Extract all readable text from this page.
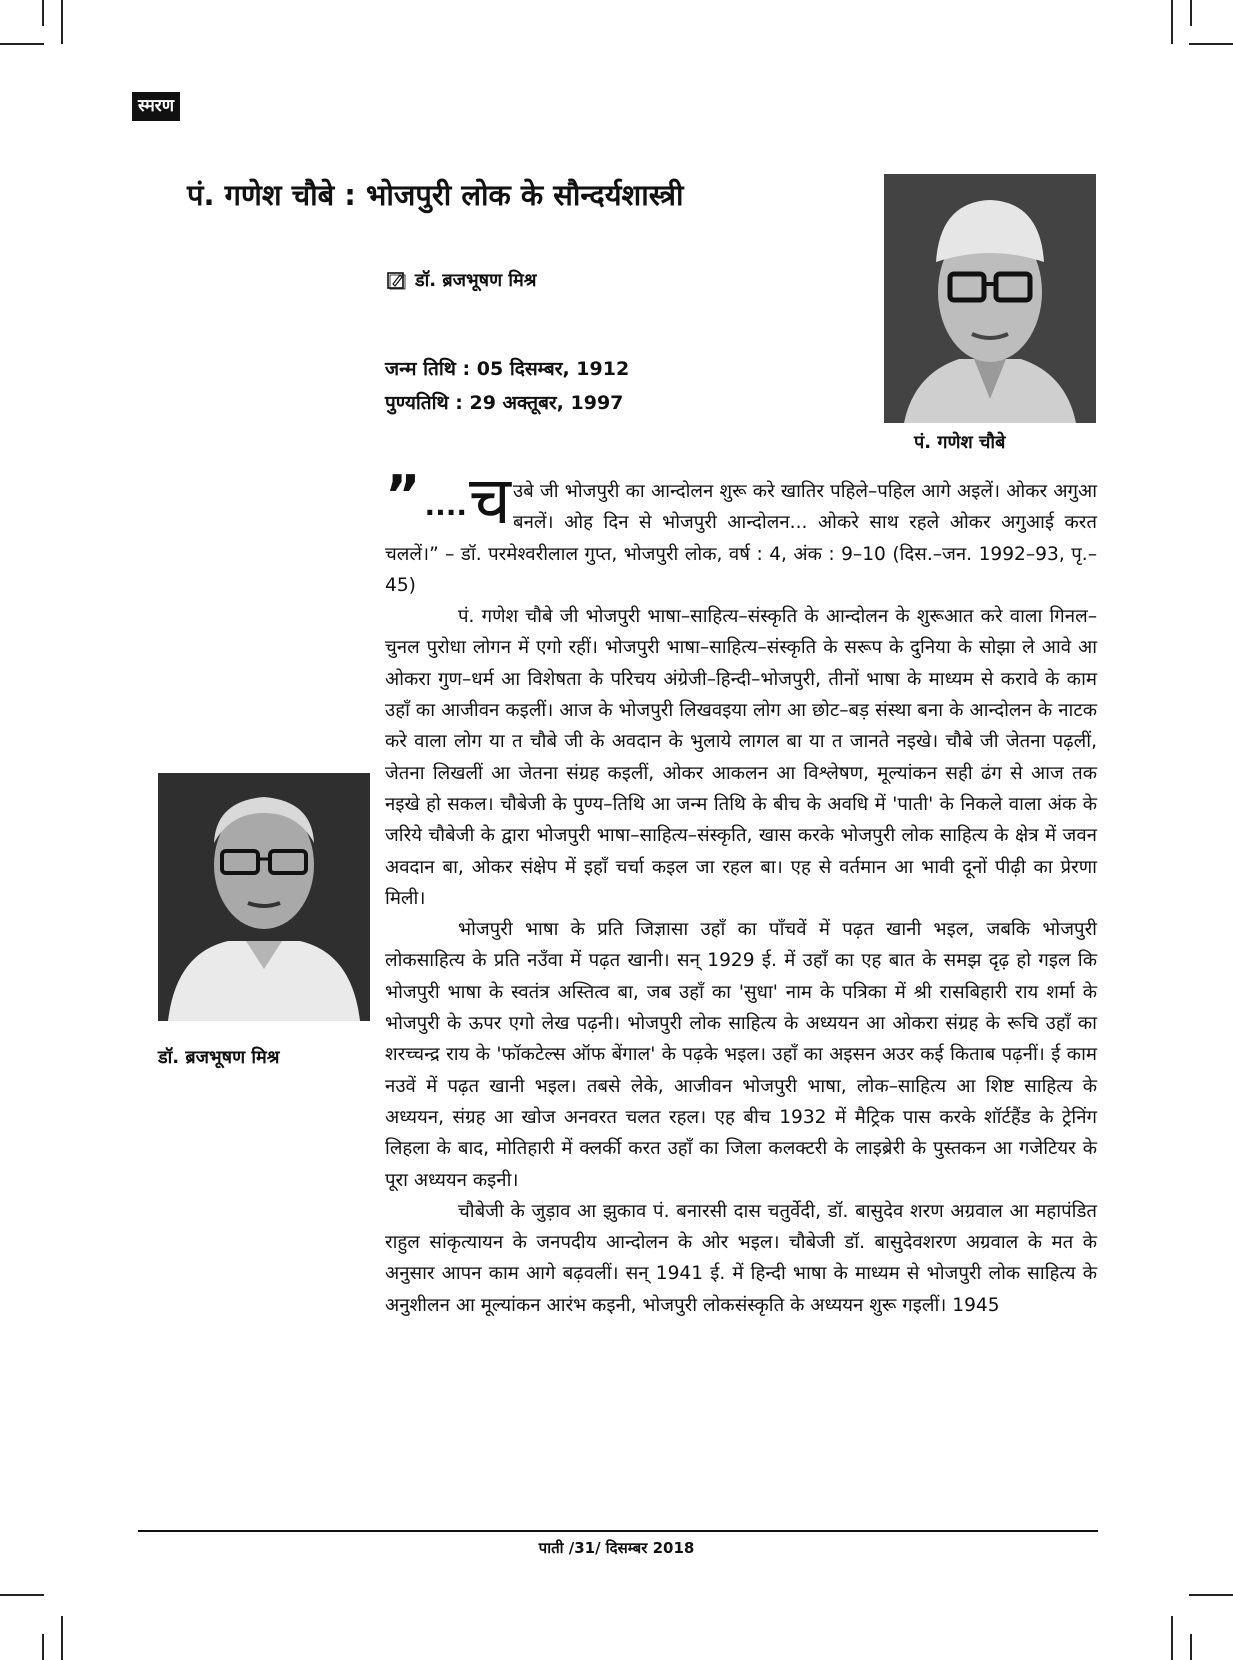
स्मरण
पं. गणेश चौबे : भोजपुरी लोक के सौन्दर्यशास्त्री
डॉ. ब्रजभूषण मिश्र
जन्म तिथि : 05 दिसम्बर, 1912
पुण्यतिथि : 29 अक्तूबर, 1997
पं. गणेश चौबे
डॉ. ब्रजभूषण मिश्र

” .... च उबे जी भोजपुरी का आन्दोलन शुरू करे खातिर पहिले–पहिल आगे अइलें। ओकर अगुआ बनलें। ओह दिन से भोजपुरी आन्दोलन... ओकरे साथ रहले ओकर अगुआई करत चललें।” – डॉ. परमेश्वरीलाल गुप्त, भोजपुरी लोक, वर्ष : 4, अंक : 9–10 (दिस.–जन. 1992–93, पृ.–45)

पं. गणेश चौबे जी भोजपुरी भाषा–साहित्य–संस्कृति के आन्दोलन के शुरूआत करे वाला गिनल–चुनल पुरोधा लोगन में एगो रहीं। भोजपुरी भाषा–साहित्य–संस्कृति के सरूप के दुनिया के सोझा ले आवे आ ओकरा गुण–धर्म आ विशेषता के परिचय अंग्रेजी–हिन्दी–भोजपुरी, तीनों भाषा के माध्यम से करावे के काम उहाँ का आजीवन कइलीं। आज के भोजपुरी लिखवइया लोग आ छोट–बड़ संस्था बना के आन्दोलन के नाटक करे वाला लोग या त चौबे जी के अवदान के भुलाये लागल बा या त जानते नइखे। चौबे जी जेतना पढ़लीं, जेतना लिखलीं आ जेतना संग्रह कइलीं, ओकर आकलन आ विश्लेषण, मूल्यांकन सही ढंग से आज तक नइखे हो सकल। चौबेजी के पुण्य–तिथि आ जन्म तिथि के बीच के अवधि में 'पाती' के निकले वाला अंक के जरिये चौबेजी के द्वारा भोजपुरी भाषा–साहित्य–संस्कृति, खास करके भोजपुरी लोक साहित्य के क्षेत्र में जवन अवदान बा, ओकर संक्षेप में इहाँ चर्चा कइल जा रहल बा। एह से वर्तमान आ भावी दूनों पीढ़ी का प्रेरणा मिली।

भोजपुरी भाषा के प्रति जिज्ञासा उहाँ का पाँचवें में पढ़त खानी भइल, जबकि भोजपुरी लोकसाहित्य के प्रति नउँवा में पढ़त खानी। सन् 1929 ई. में उहाँ का एह बात के समझ दृढ़ हो गइल कि भोजपुरी भाषा के स्वतंत्र अस्तित्व बा, जब उहाँ का 'सुधा' नाम के पत्रिका में श्री रासबिहारी राय शर्मा के भोजपुरी के ऊपर एगो लेख पढ़नी। भोजपुरी लोक साहित्य के अध्ययन आ ओकरा संग्रह के रूचि उहाँ का शरच्चन्द्र राय के 'फॉकटेल्स ऑफ बेंगाल' के पढ़के भइल। उहाँ का अइसन अउर कई किताब पढ़नीं। ई काम नउवें में पढ़त खानी भइल। तबसे लेके, आजीवन भोजपुरी भाषा, लोक–साहित्य आ शिष्ट साहित्य के अध्ययन, संग्रह आ खोज अनवरत चलत रहल। एह बीच 1932 में मैट्रिक पास करके शॉर्टहैंड के ट्रेनिंग लिहला के बाद, मोतिहारी में क्लर्की करत उहाँ का जिला कलक्टरी के लाइब्रेरी के पुस्तकन आ गजेटियर के पूरा अध्ययन कइनी।

चौबेजी के जुड़ाव आ झुकाव पं. बनारसी दास चतुर्वेदी, डॉ. बासुदेव शरण अग्रवाल आ महापंडित राहुल सांकृत्यायन के जनपदीय आन्दोलन के ओर भइल। चौबेजी डॉ. बासुदेवशरण अग्रवाल के मत के अनुसार आपन काम आगे बढ़वलीं। सन् 1941 ई. में हिन्दी भाषा के माध्यम से भोजपुरी लोक साहित्य के अनुशीलन आ मूल्यांकन आरंभ कइनी, भोजपुरी लोकसंस्कृति के अध्ययन शुरू गइलीं। 1945

पाती /31/ दिसम्बर 2018
